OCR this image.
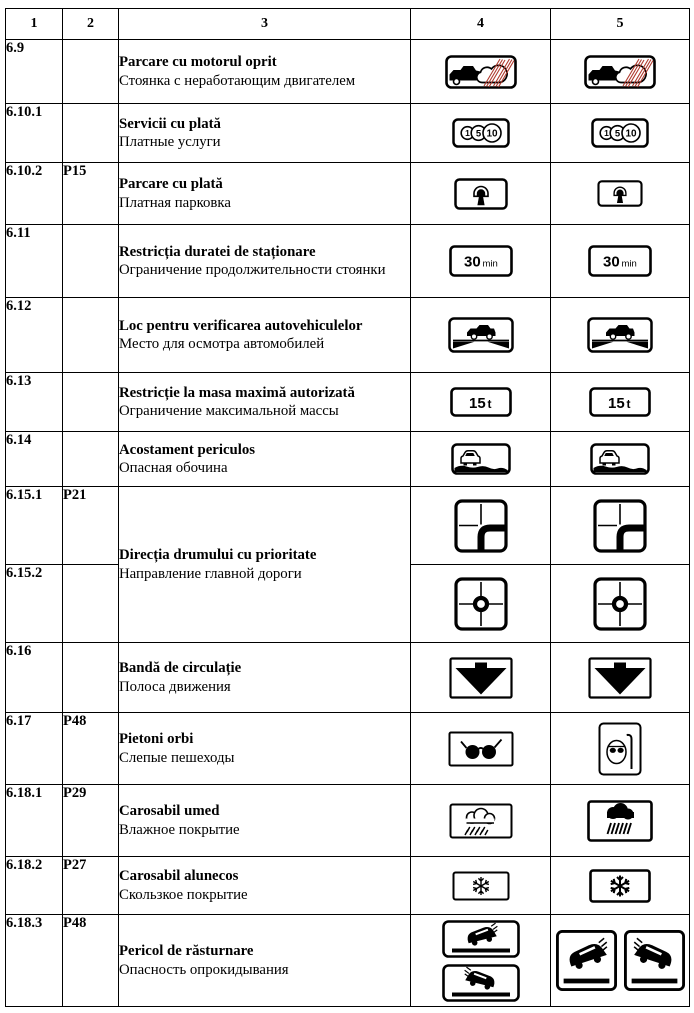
1	2	3	4	5
6.9		Parcare cu motorul oprit
Стоянка с неработающим двигателем

6.10.1		Servicii cu plată
Платные услуги	1 5 10	1 5 10

6.10.2	P15	Parcare cu plată
Платная парковка

6.11		Restricția duratei de staționare
Ограничение продолжительности стоянки	30 min	30 min

6.12		Loc pentru verificarea autovehiculelor
Место для осмотра автомобилей

6.13		Restricție la masa maximă autorizată
Ограничение максимальной массы	15 t	15 t

6.14		Acostament periculos
Опасная обочина

6.15.1	P21	Direcția drumului cu prioritate
Направление главной дороги

6.15.2			
6.16		Bandă de circulație
Полоса движения

6.17	P48	Pietoni orbi
Слепые пешеходы

6.18.1	P29	Carosabil umed
Влажное покрытие

6.18.2	P27	Carosabil alunecos
Скользкое покрытие

6.18.3	P48	Pericol de răsturnare
Опасность опрокидывания
